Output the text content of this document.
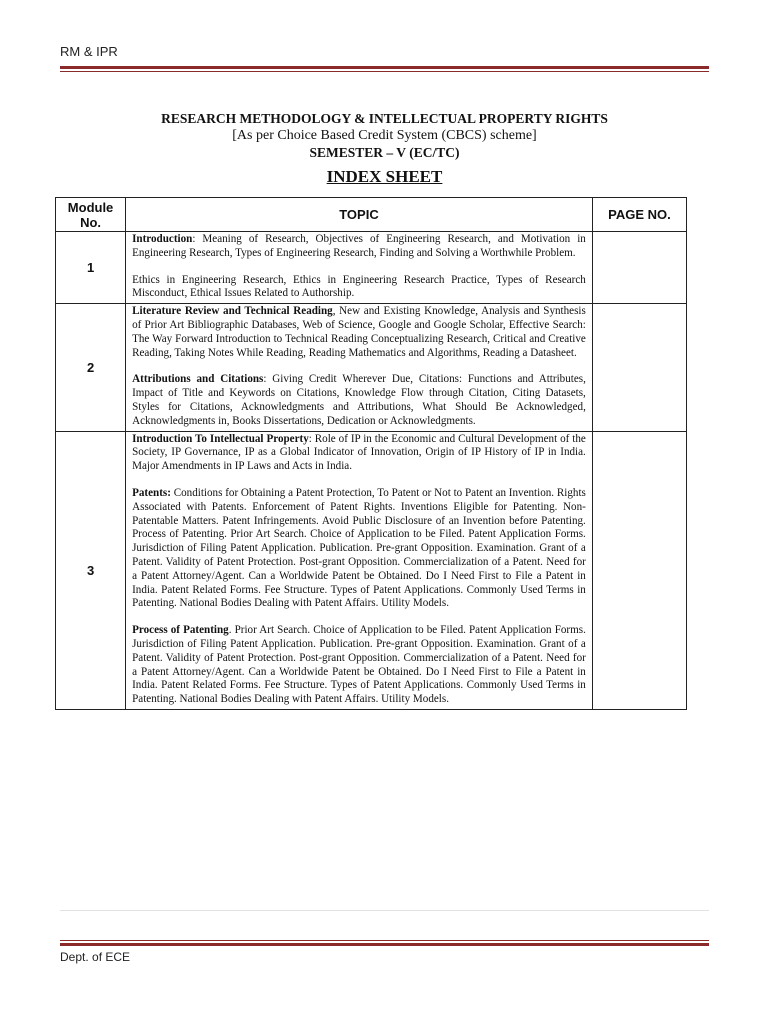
RM & IPR
RESEARCH METHODOLOGY & INTELLECTUAL PROPERTY RIGHTS
[As per Choice Based Credit System (CBCS) scheme]
SEMESTER – V (EC/TC)
INDEX SHEET
Module No.	TOPIC	PAGE NO.
1	Introduction: Meaning of Research, Objectives of Engineering Research, and Motivation in Engineering Research, Types of Engineering Research, Finding and Solving a Worthwhile Problem.

Ethics in Engineering Research, Ethics in Engineering Research Practice, Types of Research Misconduct, Ethical Issues Related to Authorship.	

2	Literature Review and Technical Reading, New and Existing Knowledge, Analysis and Synthesis of Prior Art Bibliographic Databases, Web of Science, Google and Google Scholar, Effective Search: The Way Forward Introduction to Technical Reading Conceptualizing Research, Critical and Creative Reading, Taking Notes While Reading, Reading Mathematics and Algorithms, Reading a Datasheet.

Attributions and Citations: Giving Credit Wherever Due, Citations: Functions and Attributes, Impact of Title and Keywords on Citations, Knowledge Flow through Citation, Citing Datasets, Styles for Citations, Acknowledgments and Attributions, What Should Be Acknowledged, Acknowledgments in, Books Dissertations, Dedication or Acknowledgments.	

3	Introduction To Intellectual Property: Role of IP in the Economic and Cultural Development of the Society, IP Governance, IP as a Global Indicator of Innovation, Origin of IP History of IP in India. Major Amendments in IP Laws and Acts in India.

Patents: Conditions for Obtaining a Patent Protection, To Patent or Not to Patent an Invention. Rights Associated with Patents. Enforcement of Patent Rights. Inventions Eligible for Patenting. Non-Patentable Matters. Patent Infringements. Avoid Public Disclosure of an Invention before Patenting. Process of Patenting. Prior Art Search. Choice of Application to be Filed. Patent Application Forms. Jurisdiction of Filing Patent Application. Publication. Pre-grant Opposition. Examination. Grant of a Patent. Validity of Patent Protection. Post-grant Opposition. Commercialization of a Patent. Need for a Patent Attorney/Agent. Can a Worldwide Patent be Obtained. Do I Need First to File a Patent in India. Patent Related Forms. Fee Structure. Types of Patent Applications. Commonly Used Terms in Patenting. National Bodies Dealing with Patent Affairs. Utility Models.

Process of Patenting. Prior Art Search. Choice of Application to be Filed. Patent Application Forms. Jurisdiction of Filing Patent Application. Publication. Pre-grant Opposition. Examination. Grant of a Patent. Validity of Patent Protection. Post-grant Opposition. Commercialization of a Patent. Need for a Patent Attorney/Agent. Can a Worldwide Patent be Obtained. Do I Need First to File a Patent in India. Patent Related Forms. Fee Structure. Types of Patent Applications. Commonly Used Terms in Patenting. National Bodies Dealing with Patent Affairs. Utility Models.	

Dept. of ECE
